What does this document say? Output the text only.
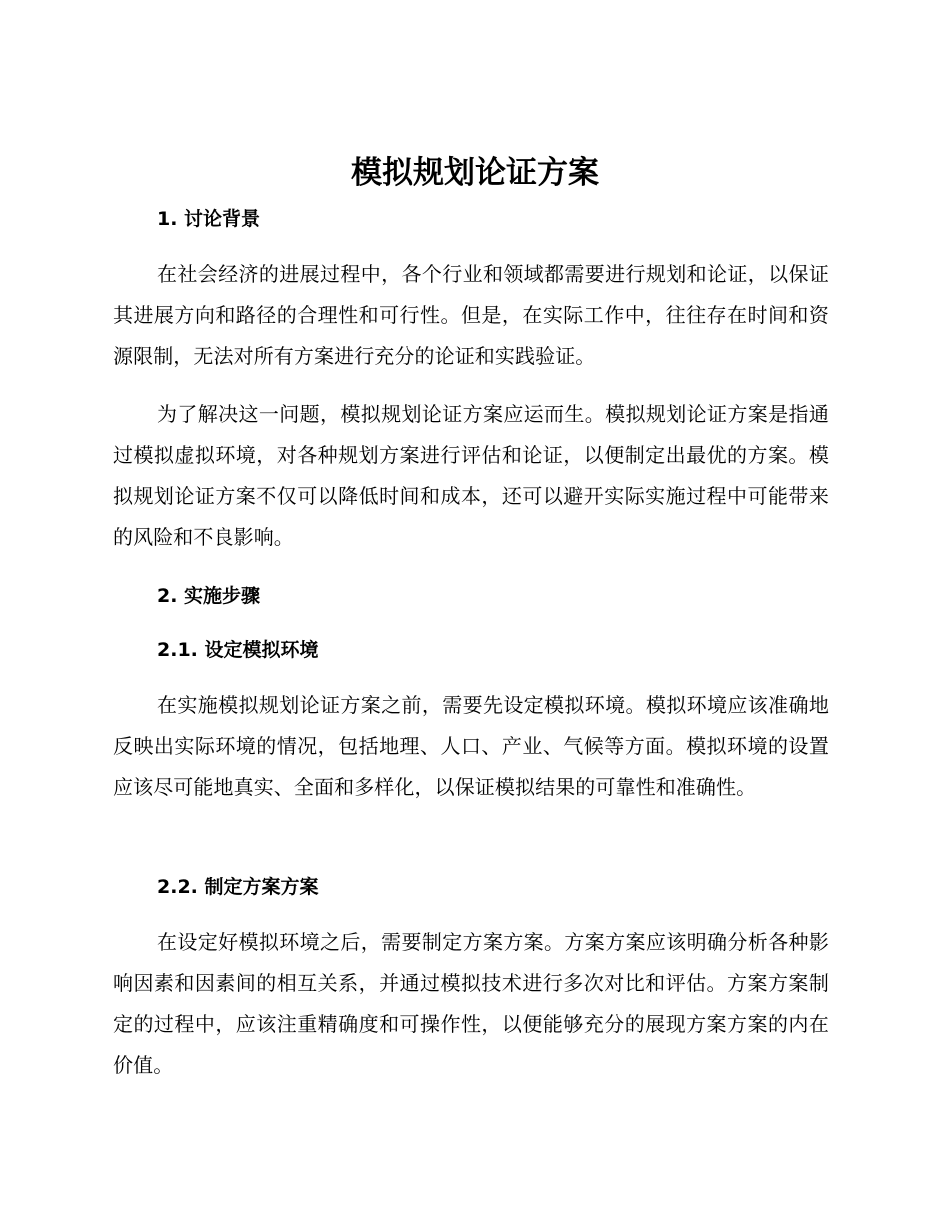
模拟规划论证方案
1. 讨论背景

在社会经济的进展过程中，各个行业和领域都需要进行规划和论证，以保证其进展方向和路径的合理性和可行性。但是，在实际工作中，往往存在时间和资源限制，无法对所有方案进行充分的论证和实践验证。

为了解决这一问题，模拟规划论证方案应运而生。模拟规划论证方案是指通过模拟虚拟环境，对各种规划方案进行评估和论证，以便制定出最优的方案。模拟规划论证方案不仅可以降低时间和成本，还可以避开实际实施过程中可能带来的风险和不良影响。

2. 实施步骤
2.1. 设定模拟环境

在实施模拟规划论证方案之前，需要先设定模拟环境。模拟环境应该准确地反映出实际环境的情况，包括地理、人口、产业、气候等方面。模拟环境的设置应该尽可能地真实、全面和多样化，以保证模拟结果的可靠性和准确性。

2.2. 制定方案方案

在设定好模拟环境之后，需要制定方案方案。方案方案应该明确分析各种影响因素和因素间的相互关系，并通过模拟技术进行多次对比和评估。方案方案制定的过程中，应该注重精确度和可操作性，以便能够充分的展现方案方案的内在价值。
